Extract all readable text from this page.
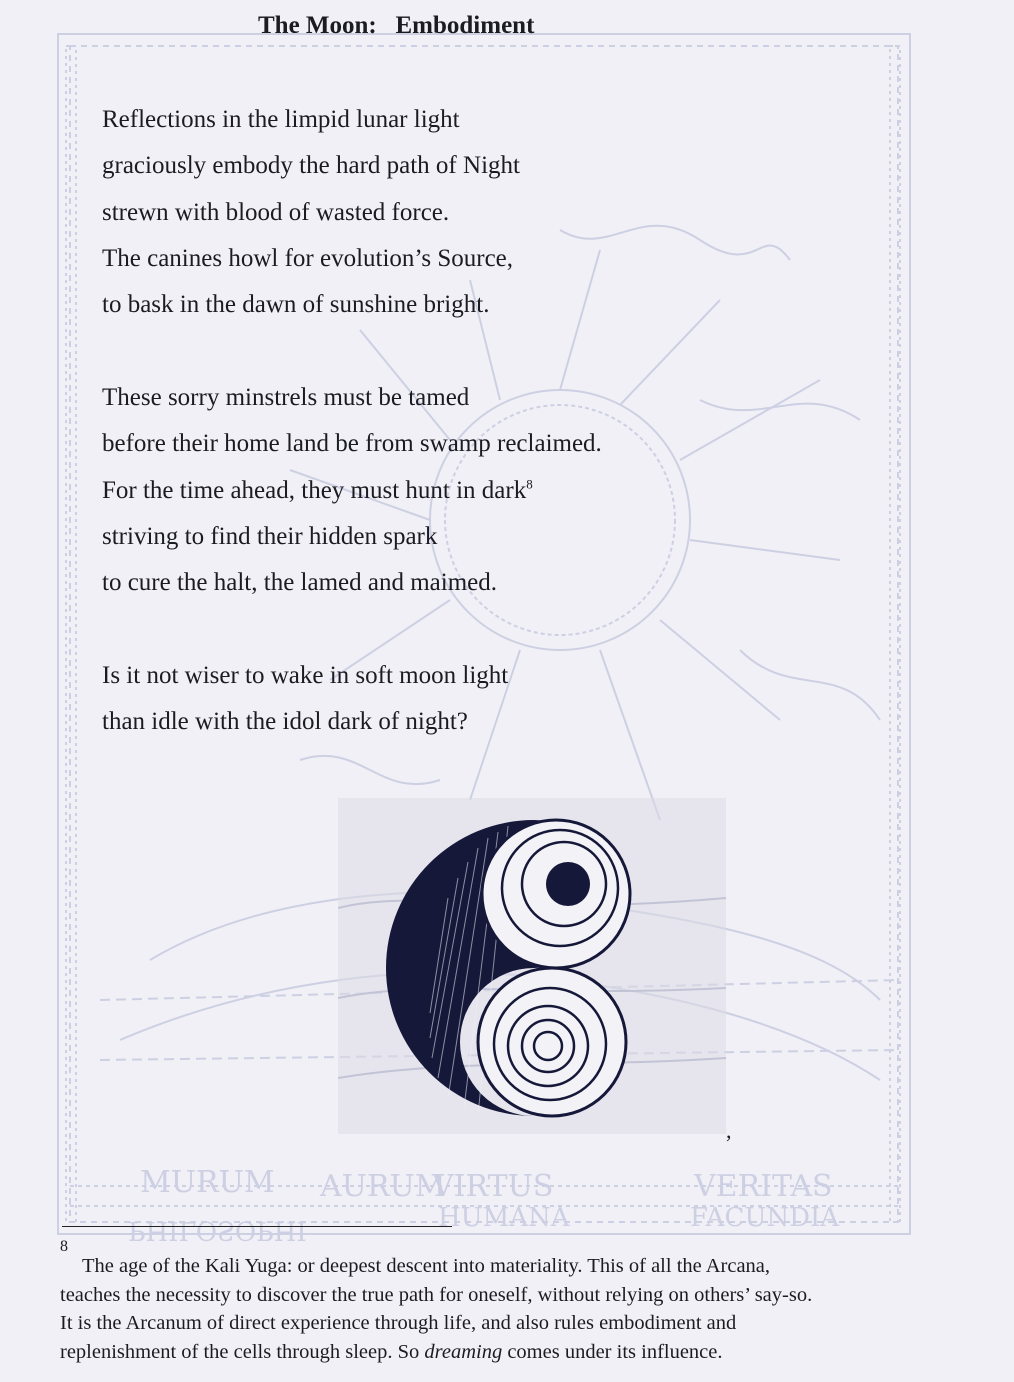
MURUM
PHILOSOPHI
AURUM
VIRTUS
HUMANA
VERITAS
FACUNDIA
The Moon:   Embodiment
Reflections in the limpid lunar light
graciously embody the hard path of Night
strewn with blood of wasted force.
The canines howl for evolution’s Source,
to bask in the dawn of sunshine bright.
These sorry minstrels must be tamed
before their home land be from swamp reclaimed.
For the time ahead, they must hunt in dark$^8$
striving to find their hidden spark
to cure the halt, the lamed and maimed.
Is it not wiser to wake in soft moon light
than idle with the idol dark of night?
,
8
The age of the Kali Yuga: or deepest descent into materiality. This of all the Arcana,
teaches the necessity to discover the true path for oneself, without relying on others’ say-so.
It is the Arcanum of direct experience through life, and also rules embodiment and
replenishment of the cells through sleep. So dreaming comes under its influence.
